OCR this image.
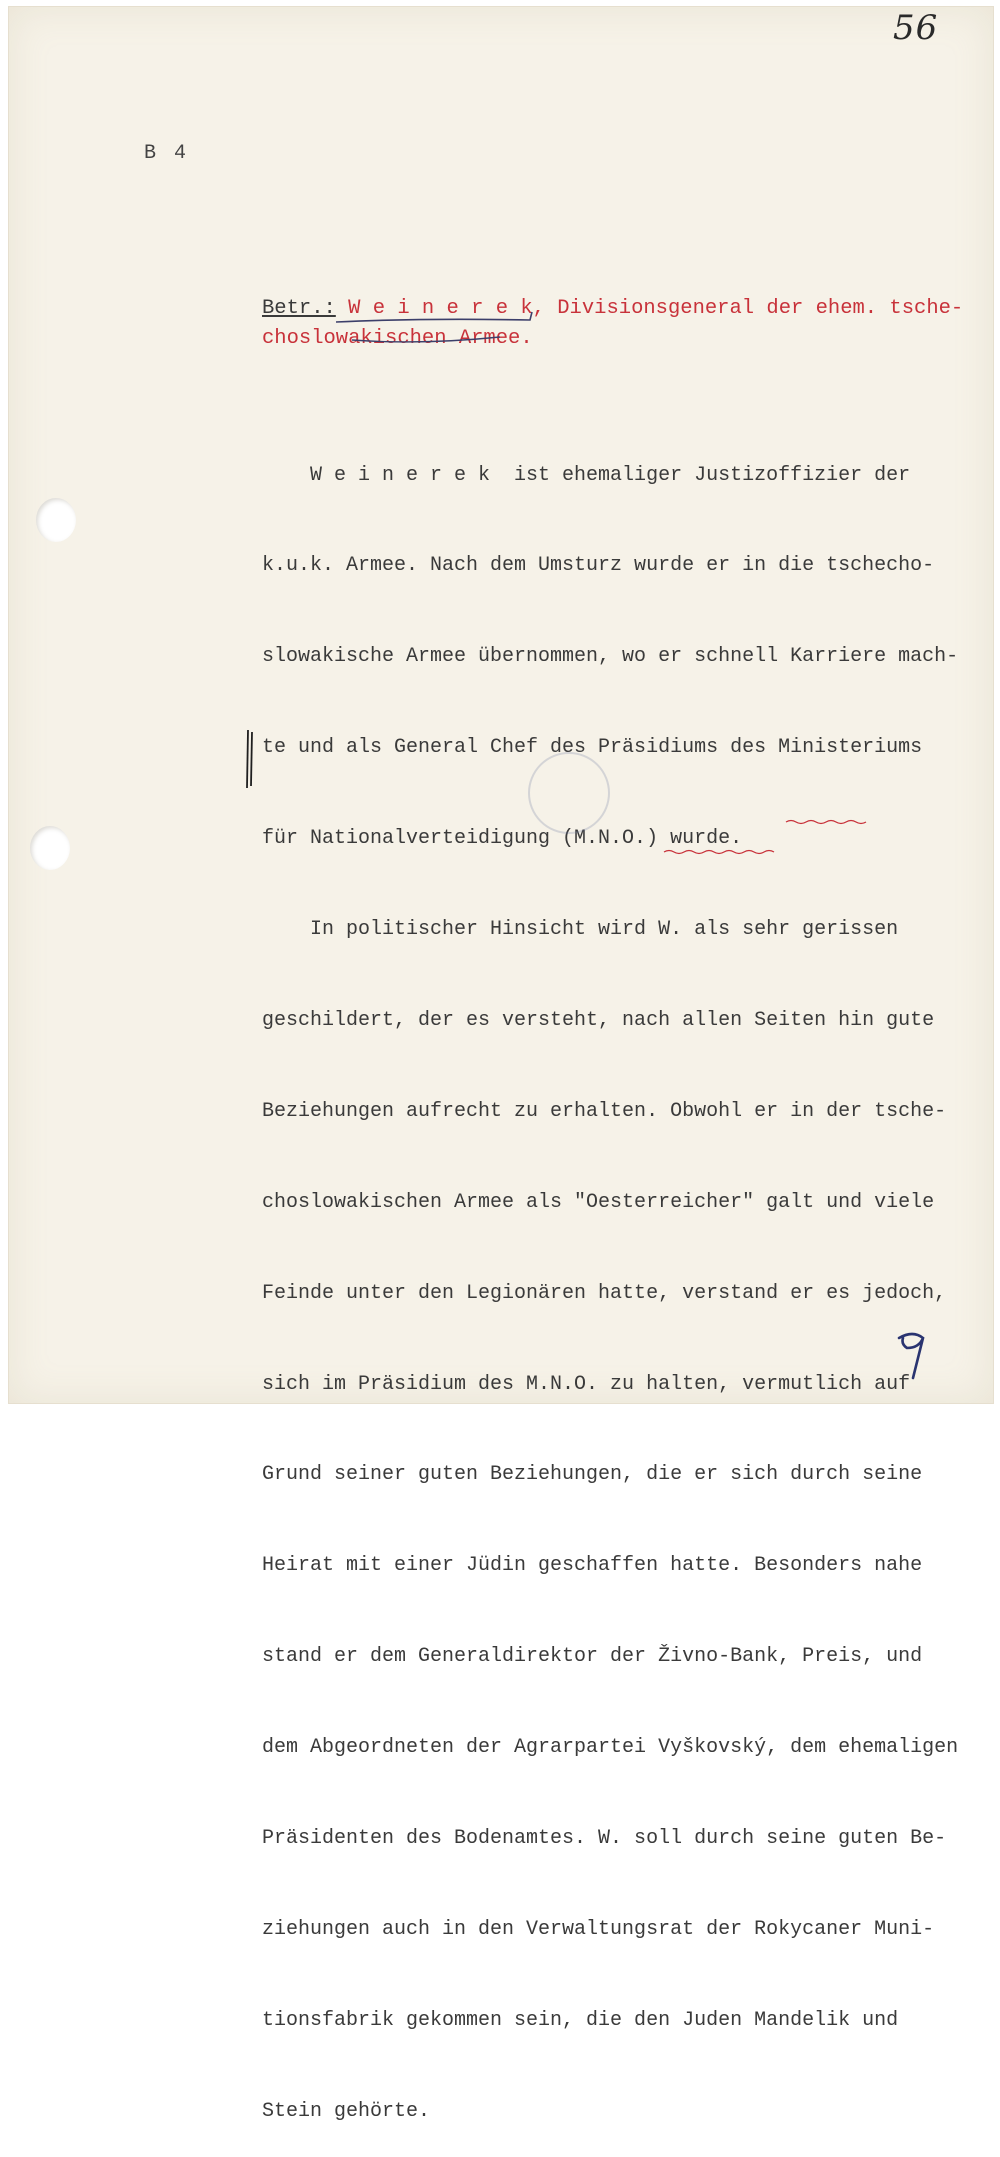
56
B 4
Betr.: W e i n e r e k, Divisionsgeneral der ehem. tsche-
choslowakischen Armee.

W e i n e r e k  ist ehemaliger Justizoffizier der

k.u.k. Armee. Nach dem Umsturz wurde er in die tschecho-

slowakische Armee übernommen, wo er schnell Karriere mach-

te und als General Chef des Präsidiums des Ministeriums

für Nationalverteidigung (M.N.O.) wurde.

In politischer Hinsicht wird W. als sehr gerissen

geschildert, der es versteht, nach allen Seiten hin gute

Beziehungen aufrecht zu erhalten. Obwohl er in der tsche-

choslowakischen Armee als "Oesterreicher" galt und viele

Feinde unter den Legionären hatte, verstand er es jedoch,

sich im Präsidium des M.N.O. zu halten, vermutlich auf

Grund seiner guten Beziehungen, die er sich durch seine

Heirat mit einer Jüdin geschaffen hatte. Besonders nahe

stand er dem Generaldirektor der Živno-Bank, Preis, und

dem Abgeordneten der Agrarpartei Vyškovský, dem ehemaligen

Präsidenten des Bodenamtes. W. soll durch seine guten Be-

ziehungen auch in den Verwaltungsrat der Rokycaner Muni-

tionsfabrik gekommen sein, die den Juden Mandelik und

Stein gehörte.
